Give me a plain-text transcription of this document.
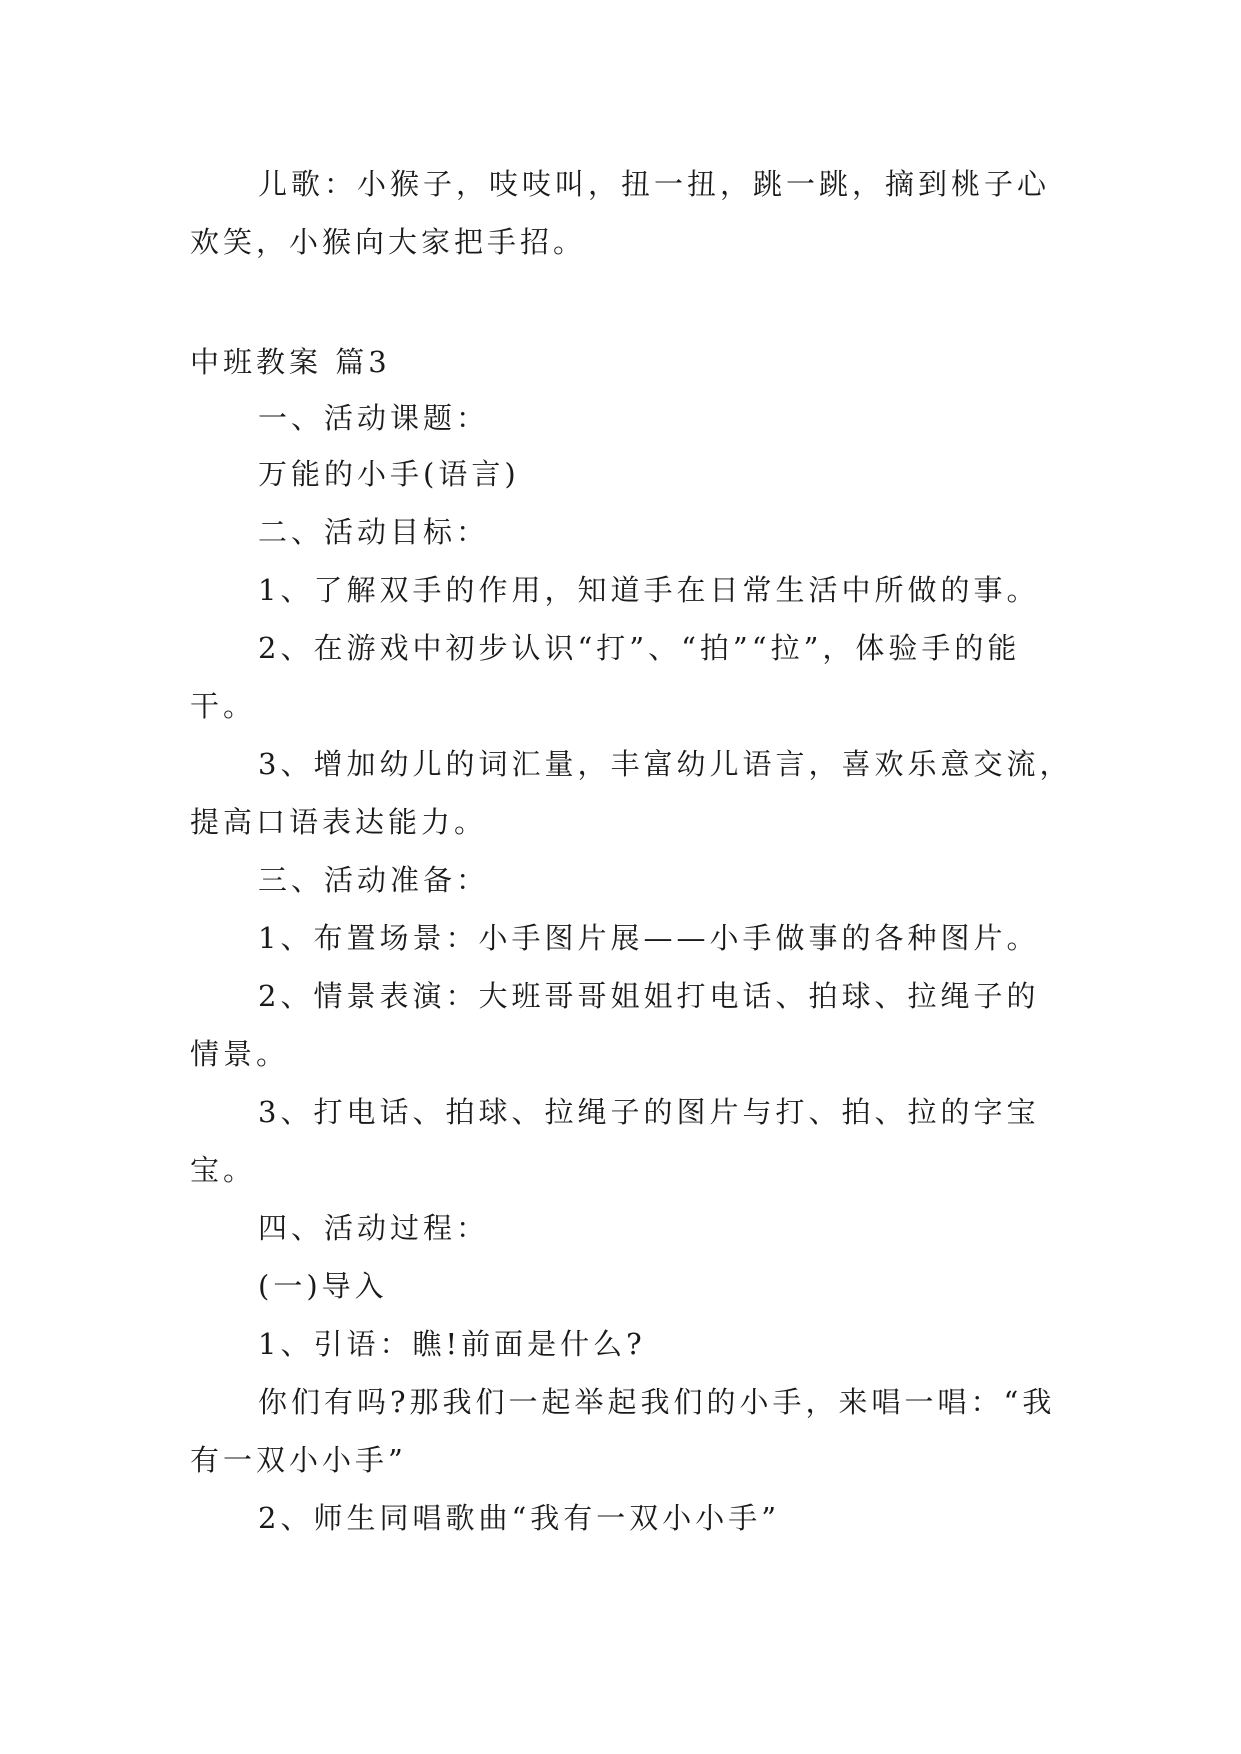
儿歌：小猴子，吱吱叫，扭一扭，跳一跳，摘到桃子心
欢笑，小猴向大家把手招。
中班教案 篇3
一、活动课题：
万能的小手(语言)
二、活动目标：
1、了解双手的作用，知道手在日常生活中所做的事。
2、在游戏中初步认识“打”、“拍”“拉”，体验手的能
干。
3、增加幼儿的词汇量，丰富幼儿语言，喜欢乐意交流，
提高口语表达能力。
三、活动准备：
1、布置场景：小手图片展——小手做事的各种图片。
2、情景表演：大班哥哥姐姐打电话、拍球、拉绳子的
情景。
3、打电话、拍球、拉绳子的图片与打、拍、拉的字宝
宝。
四、活动过程：
(一)导入
1、引语：瞧!前面是什么?
你们有吗?那我们一起举起我们的小手，来唱一唱：“我
有一双小小手”
2、师生同唱歌曲“我有一双小小手”
